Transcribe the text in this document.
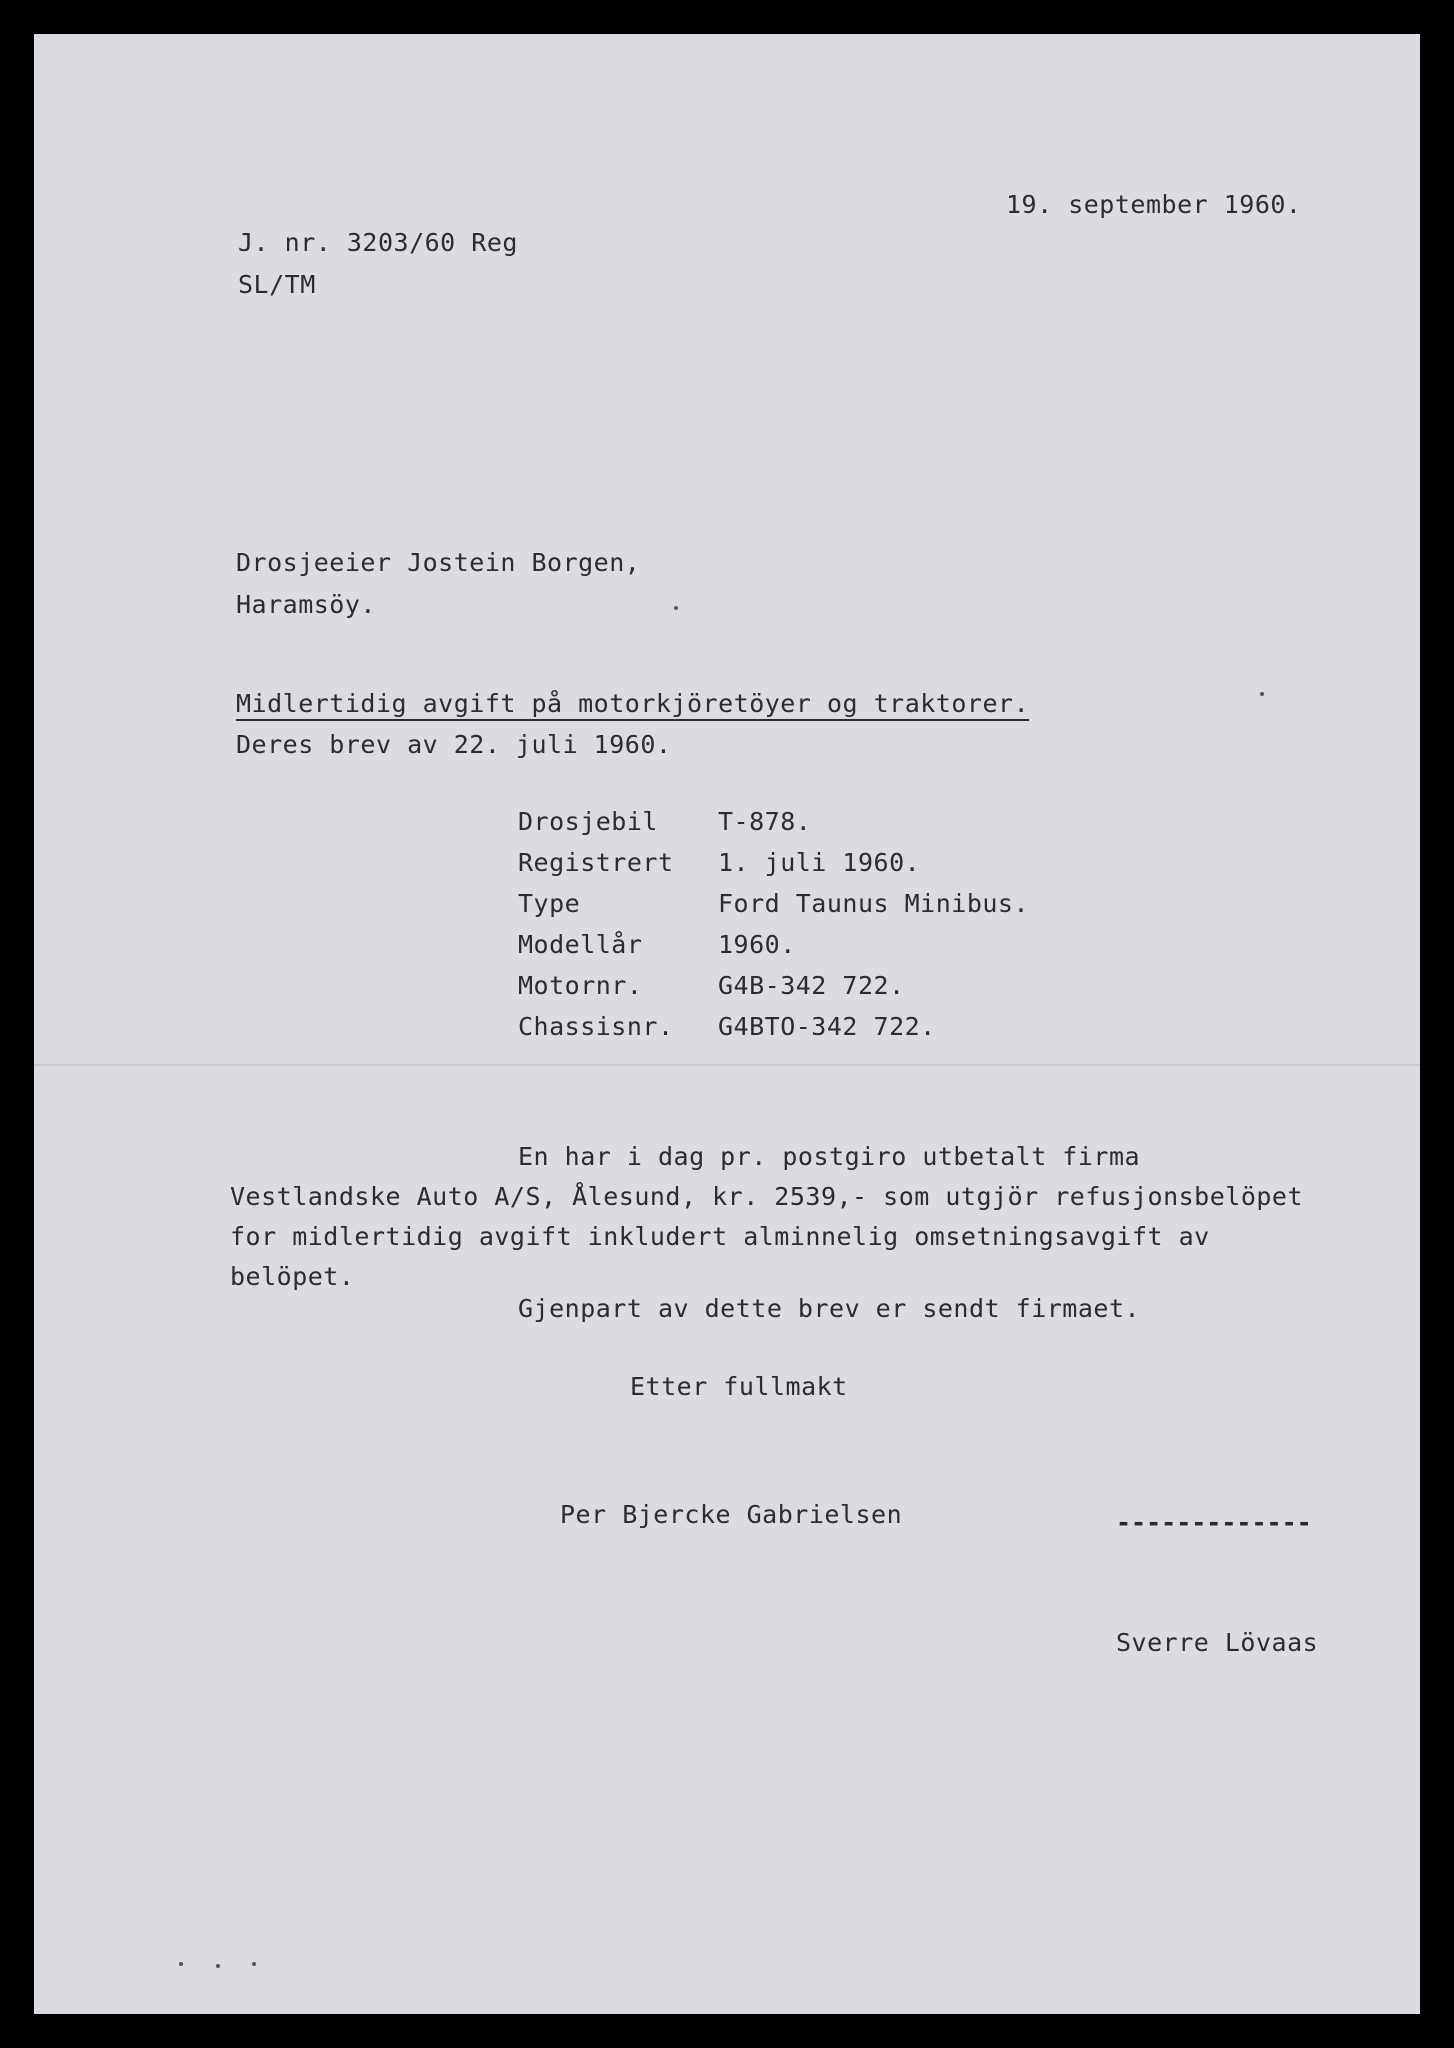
19. september 1960.
J. nr. 3203/60 Reg
SL/TM
Drosjeeier Jostein Borgen,
Haramsöy.
Midlertidig avgift på motorkjöretöyer og traktorer.
Deres brev av 22. juli 1960.
Drosjebil	T-878.
Registrert	1. juli 1960.
Type	Ford Taunus Minibus.
Modellår	1960.
Motornr.	G4B-342 722.
Chassisnr.	G4BTO-342 722.
En har i dag pr. postgiro utbetalt firma
Vestlandske Auto A/S, Ålesund, kr. 2539,- som utgjör refusjonsbelöpet
for midlertidig avgift inkludert alminnelig omsetningsavgift av
belöpet.
Gjenpart av dette brev er sendt firmaet.
Etter fullmakt
Per Bjercke Gabrielsen	-------------
Sverre Lövaas
